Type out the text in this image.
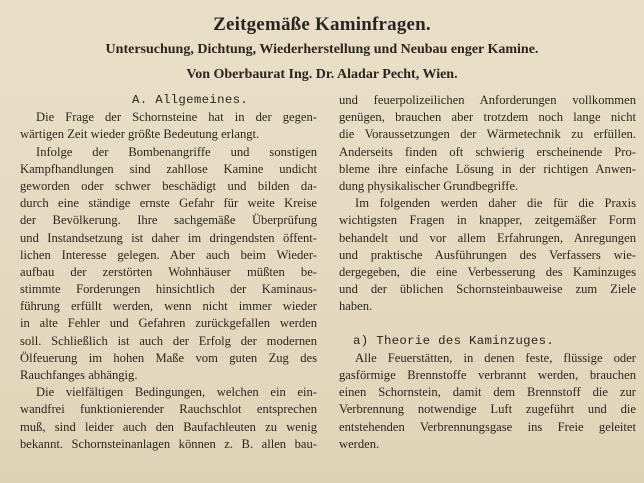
Zeitgemäße Kaminfragen.
Untersuchung, Dichtung, Wiederherstellung und Neubau enger Kamine.
Von Oberbaurat Ing. Dr. Aladar Pecht, Wien.
A. Allgemeines.
Die Frage der Schornsteine hat in der gegen-
wärtigen Zeit wieder größte Bedeutung erlangt.
Infolge der Bombenangriffe und sonstigen
Kampfhandlungen sind zahllose Kamine undicht
geworden oder schwer beschädigt und bilden da-
durch eine ständige ernste Gefahr für weite Kreise
der Bevölkerung. Ihre sachgemäße Überprüfung
und Instandsetzung ist daher im dringendsten öffent-
lichen Interesse gelegen. Aber auch beim Wieder-
aufbau der zerstörten Wohnhäuser müßten be-
stimmte Forderungen hinsichtlich der Kaminaus-
führung erfüllt werden, wenn nicht immer wieder
in alte Fehler und Gefahren zurückgefallen werden
soll. Schließlich ist auch der Erfolg der modernen
Ölfeuerung im hohen Maße vom guten Zug des
Rauchfanges abhängig.
Die vielfältigen Bedingungen, welchen ein ein-
wandfrei funktionierender Rauchschlot entsprechen
muß, sind leider auch den Baufachleuten zu wenig
bekannt. Schornsteinanlagen können z. B. allen bau-
und feuerpolizeilichen Anforderungen vollkommen
genügen, brauchen aber trotzdem noch lange nicht
die Voraussetzungen der Wärmetechnik zu erfüllen.
Anderseits finden oft schwierig erscheinende Pro-
bleme ihre einfache Lösung in der richtigen Anwen-
dung physikalischer Grundbegriffe.
Im folgenden werden daher die für die Praxis
wichtigsten Fragen in knapper, zeitgemäßer Form
behandelt und vor allem Erfahrungen, Anregungen
und praktische Ausführungen des Verfassers wie-
dergegeben, die eine Verbesserung des Kaminzuges
und der üblichen Schornsteinbauweise zum Ziele
haben.
a) Theorie des Kaminzuges.
Alle Feuerstätten, in denen feste, flüssige oder
gasförmige Brennstoffe verbrannt werden, brauchen
einen Schornstein, damit dem Brennstoff die zur
Verbrennung notwendige Luft zugeführt und die
entstehenden Verbrennungsgase ins Freie geleitet
werden.
